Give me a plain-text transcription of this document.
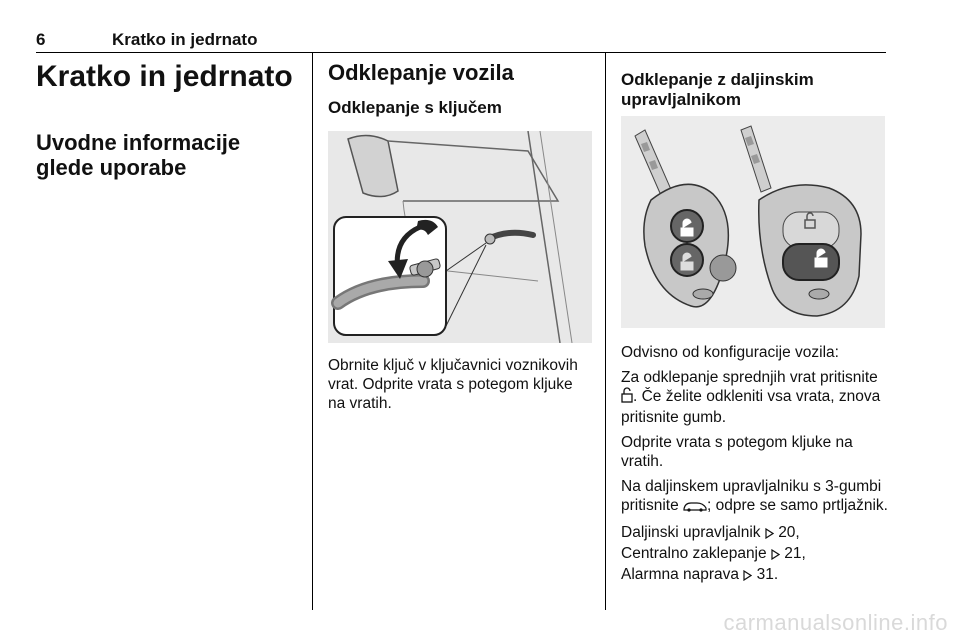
6	Kratko in jedrnato
Kratko in jedrnato
Uvodne informacije
glede uporabe
Odklepanje vozila
Odklepanje s ključem

Obrnite ključ v ključavnici voznikovih vrat. Odprite vrata s potegom kljuke na vratih.

Odklepanje z daljinskim
upravljalnikom

Odvisno od konfiguracije vozila:

Za odklepanje sprednjih vrat pritisnite . Če želite odkleniti vsa vrata, znova pritisnite gumb.

Odprite vrata s potegom kljuke na vratih.

Na daljinskem upravljalniku s 3-gumbi pritisnite ; odpre se samo prtljažnik.

Daljinski upravljalnik 20,
Centralno zaklepanje 21,
Alarmna naprava 31.

carmanualsonline.info
